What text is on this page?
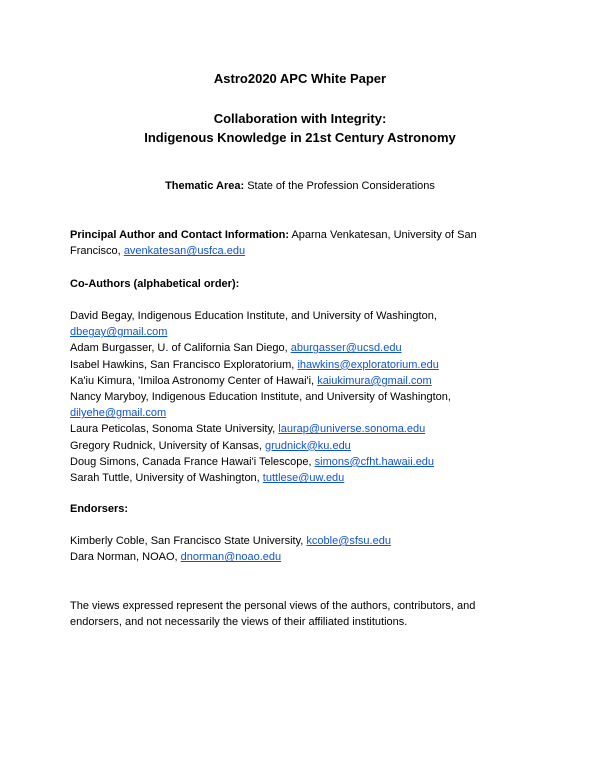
Astro2020 APC White Paper
Collaboration with Integrity:
Indigenous Knowledge in 21st Century Astronomy
Thematic Area: State of the Profession Considerations
Principal Author and Contact Information: Aparna Venkatesan, University of San
Francisco, avenkatesan@usfca.edu
Co-Authors (alphabetical order):
David Begay, Indigenous Education Institute, and University of Washington,
dbegay@gmail.com
Adam Burgasser, U. of California San Diego, aburgasser@ucsd.edu
Isabel Hawkins, San Francisco Exploratorium, ihawkins@exploratorium.edu
Ka'iu Kimura, 'Imiloa Astronomy Center of Hawai'i, kaiukimura@gmail.com
Nancy Maryboy, Indigenous Education Institute, and University of Washington,
dilyehe@gmail.com
Laura Peticolas, Sonoma State University, laurap@universe.sonoma.edu
Gregory Rudnick, University of Kansas, grudnick@ku.edu
Doug Simons, Canada France Hawai'i Telescope, simons@cfht.hawaii.edu
Sarah Tuttle, University of Washington, tuttlese@uw.edu
Endorsers:
Kimberly Coble, San Francisco State University, kcoble@sfsu.edu
Dara Norman, NOAO, dnorman@noao.edu
The views expressed represent the personal views of the authors, contributors, and
endorsers, and not necessarily the views of their affiliated institutions.
